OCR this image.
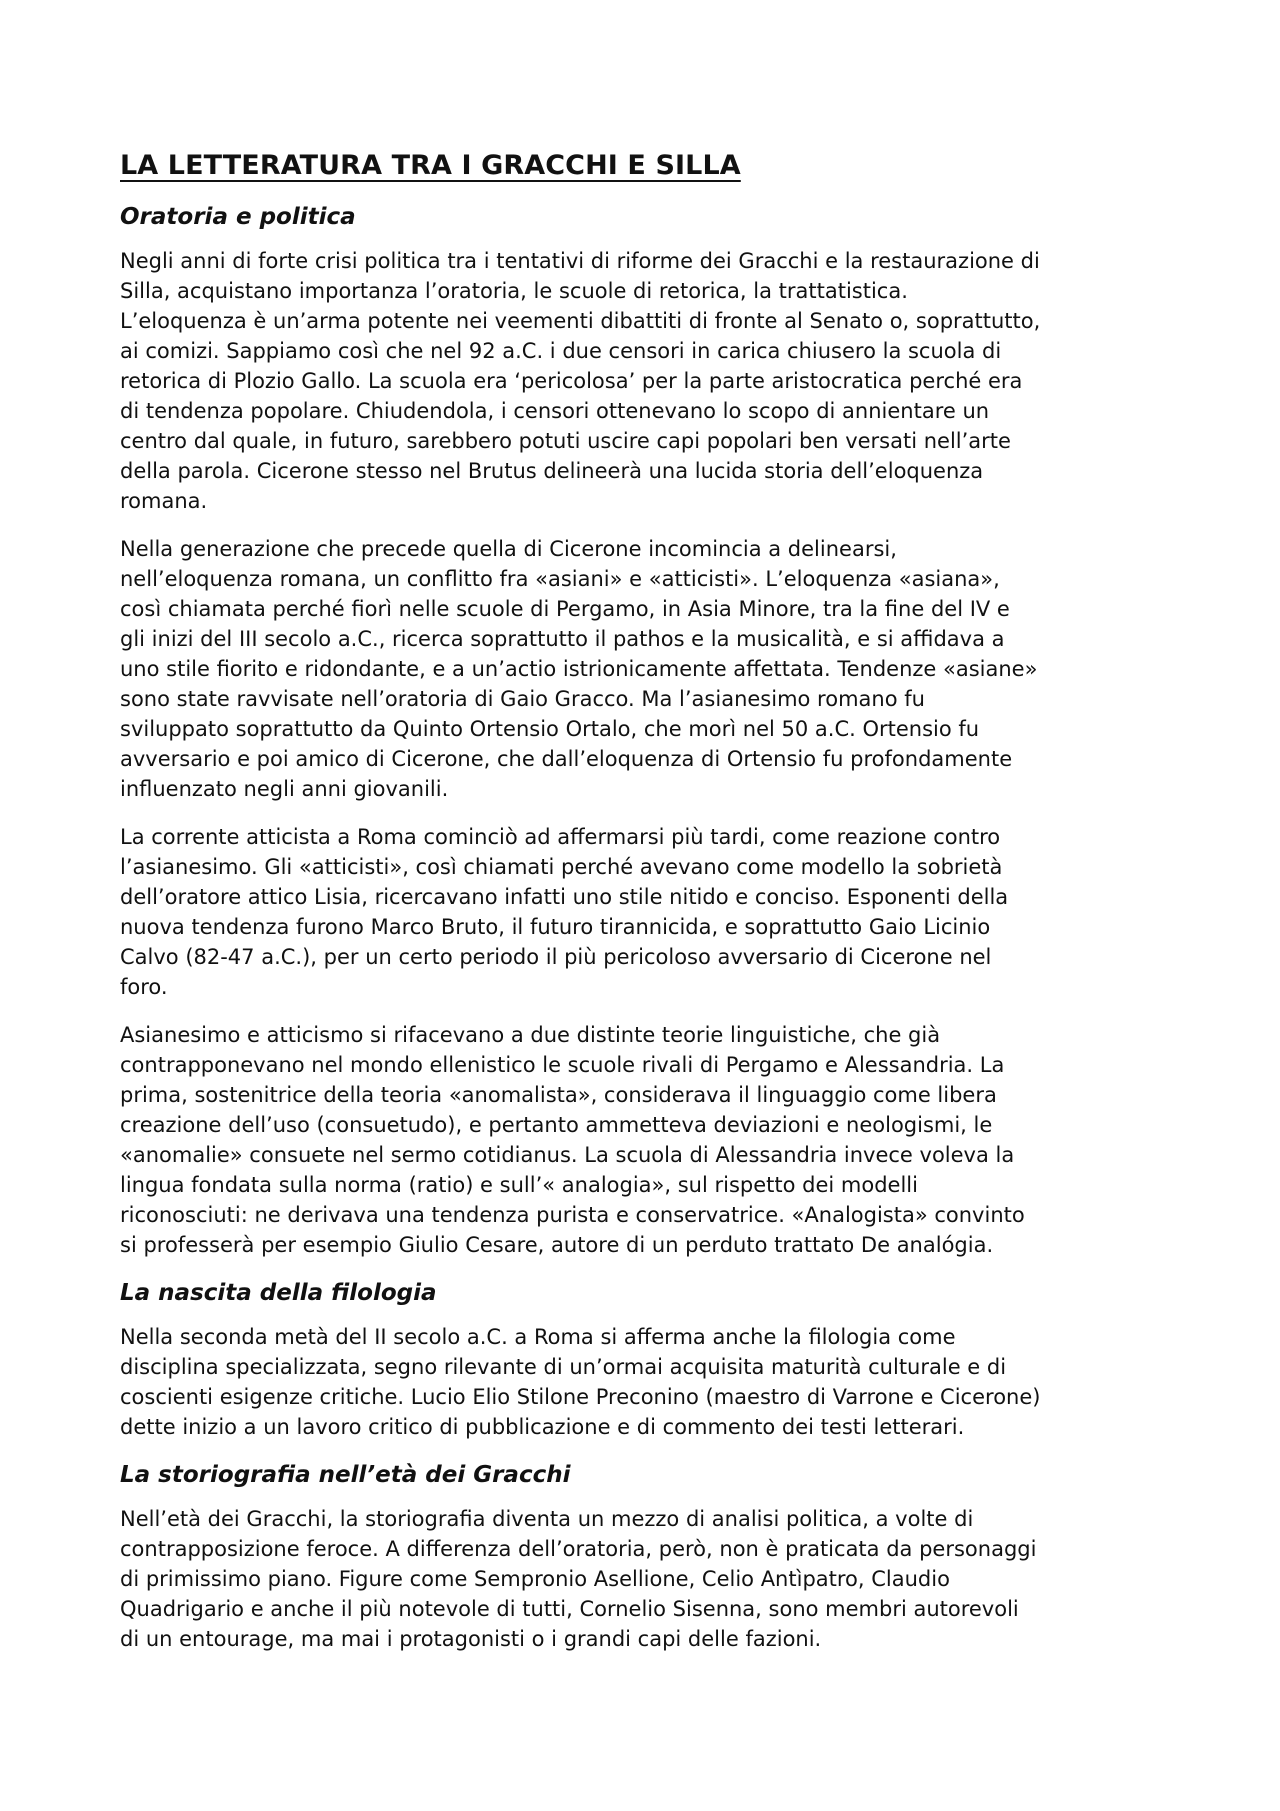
LA LETTERATURA TRA I GRACCHI E SILLA
Oratoria e politica
Negli anni di forte crisi politica tra i tentativi di riforme dei Gracchi e la restaurazione di
Silla, acquistano importanza l’oratoria, le scuole di retorica, la trattatistica.
L’eloquenza è un’arma potente nei veementi dibattiti di fronte al Senato o, soprattutto,
ai comizi. Sappiamo così che nel 92 a.C. i due censori in carica chiusero la scuola di
retorica di Plozio Gallo. La scuola era ‘pericolosa’ per la parte aristocratica perché era
di tendenza popolare. Chiudendola, i censori ottenevano lo scopo di annientare un
centro dal quale, in futuro, sarebbero potuti uscire capi popolari ben versati nell’arte
della parola. Cicerone stesso nel Brutus delineerà una lucida storia dell’eloquenza
romana.
Nella generazione che precede quella di Cicerone incomincia a delinearsi,
nell’eloquenza romana, un conflitto fra «asiani» e «atticisti». L’eloquenza «asiana»,
così chiamata perché fiorì nelle scuole di Pergamo, in Asia Minore, tra la fine del IV e
gli inizi del III secolo a.C., ricerca soprattutto il pathos e la musicalità, e si affidava a
uno stile fiorito e ridondante, e a un’actio istrionicamente affettata. Tendenze «asiane»
sono state ravvisate nell’oratoria di Gaio Gracco. Ma l’asianesimo romano fu
sviluppato soprattutto da Quinto Ortensio Ortalo, che morì nel 50 a.C. Ortensio fu
avversario e poi amico di Cicerone, che dall’eloquenza di Ortensio fu profondamente
influenzato negli anni giovanili.
La corrente atticista a Roma cominciò ad affermarsi più tardi, come reazione contro
l’asianesimo. Gli «atticisti», così chiamati perché avevano come modello la sobrietà
dell’oratore attico Lisia, ricercavano infatti uno stile nitido e conciso. Esponenti della
nuova tendenza furono Marco Bruto, il futuro tirannicida, e soprattutto Gaio Licinio
Calvo (82-47 a.C.), per un certo periodo il più pericoloso avversario di Cicerone nel
foro.
Asianesimo e atticismo si rifacevano a due distinte teorie linguistiche, che già
contrapponevano nel mondo ellenistico le scuole rivali di Pergamo e Alessandria. La
prima, sostenitrice della teoria «anomalista», considerava il linguaggio come libera
creazione dell’uso (consuetudo), e pertanto ammetteva deviazioni e neologismi, le
«anomalie» consuete nel sermo cotidianus. La scuola di Alessandria invece voleva la
lingua fondata sulla norma (ratio) e sull’« analogia», sul rispetto dei modelli
riconosciuti: ne derivava una tendenza purista e conservatrice. «Analogista» convinto
si professerà per esempio Giulio Cesare, autore di un perduto trattato De analógia.
La nascita della filologia
Nella seconda metà del II secolo a.C. a Roma si afferma anche la filologia come
disciplina specializzata, segno rilevante di un’ormai acquisita maturità culturale e di
coscienti esigenze critiche. Lucio Elio Stilone Preconino (maestro di Varrone e Cicerone)
dette inizio a un lavoro critico di pubblicazione e di commento dei testi letterari.
La storiografia nell’età dei Gracchi
Nell’età dei Gracchi, la storiografia diventa un mezzo di analisi politica, a volte di
contrapposizione feroce. A differenza dell’oratoria, però, non è praticata da personaggi
di primissimo piano. Figure come Sempronio Asellione, Celio Antìpatro, Claudio
Quadrigario e anche il più notevole di tutti, Cornelio Sisenna, sono membri autorevoli
di un entourage, ma mai i protagonisti o i grandi capi delle fazioni.
